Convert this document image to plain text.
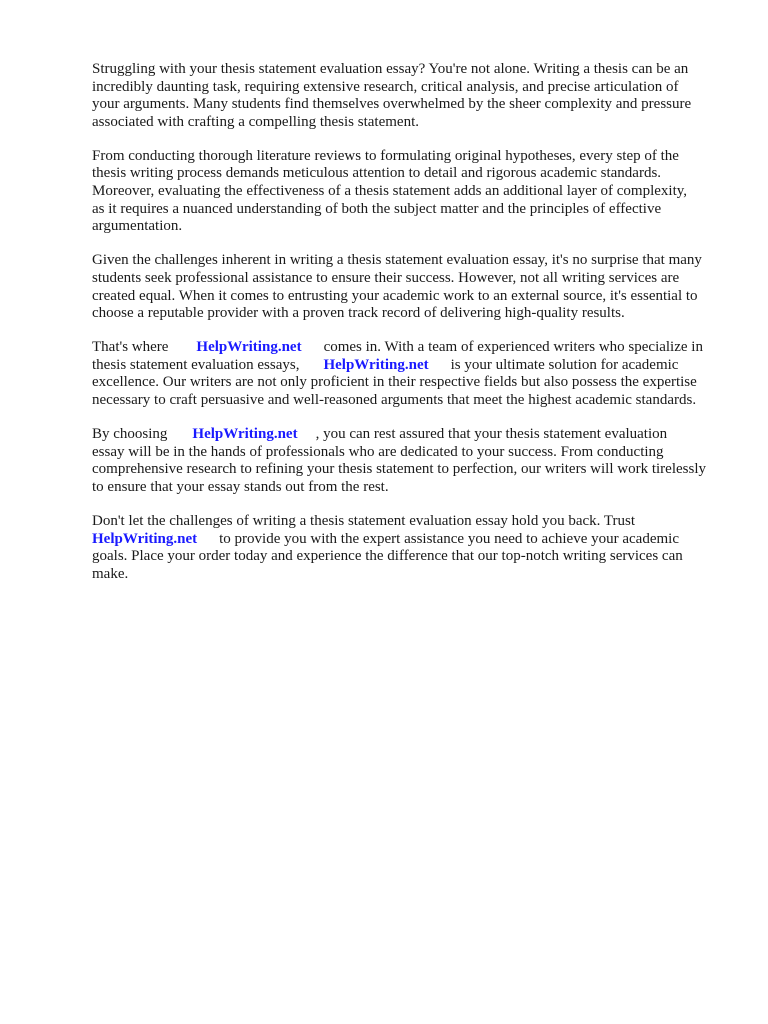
Struggling with your thesis statement evaluation essay? You're not alone. Writing a thesis can be an
incredibly daunting task, requiring extensive research, critical analysis, and precise articulation of
your arguments. Many students find themselves overwhelmed by the sheer complexity and pressure
associated with crafting a compelling thesis statement.
From conducting thorough literature reviews to formulating original hypotheses, every step of the
thesis writing process demands meticulous attention to detail and rigorous academic standards.
Moreover, evaluating the effectiveness of a thesis statement adds an additional layer of complexity,
as it requires a nuanced understanding of both the subject matter and the principles of effective
argumentation.
Given the challenges inherent in writing a thesis statement evaluation essay, it's no surprise that many
students seek professional assistance to ensure their success. However, not all writing services are
created equal. When it comes to entrusting your academic work to an external source, it's essential to
choose a reputable provider with a proven track record of delivering high-quality results.
That's where HelpWriting.net comes in. With a team of experienced writers who specialize in
thesis statement evaluation essays, HelpWriting.net is your ultimate solution for academic
excellence. Our writers are not only proficient in their respective fields but also possess the expertise
necessary to craft persuasive and well-reasoned arguments that meet the highest academic standards.
By choosing HelpWriting.net , you can rest assured that your thesis statement evaluation
essay will be in the hands of professionals who are dedicated to your success. From conducting
comprehensive research to refining your thesis statement to perfection, our writers will work tirelessly
to ensure that your essay stands out from the rest.
Don't let the challenges of writing a thesis statement evaluation essay hold you back. Trust
HelpWriting.net to provide you with the expert assistance you need to achieve your academic
goals. Place your order today and experience the difference that our top-notch writing services can
make.
